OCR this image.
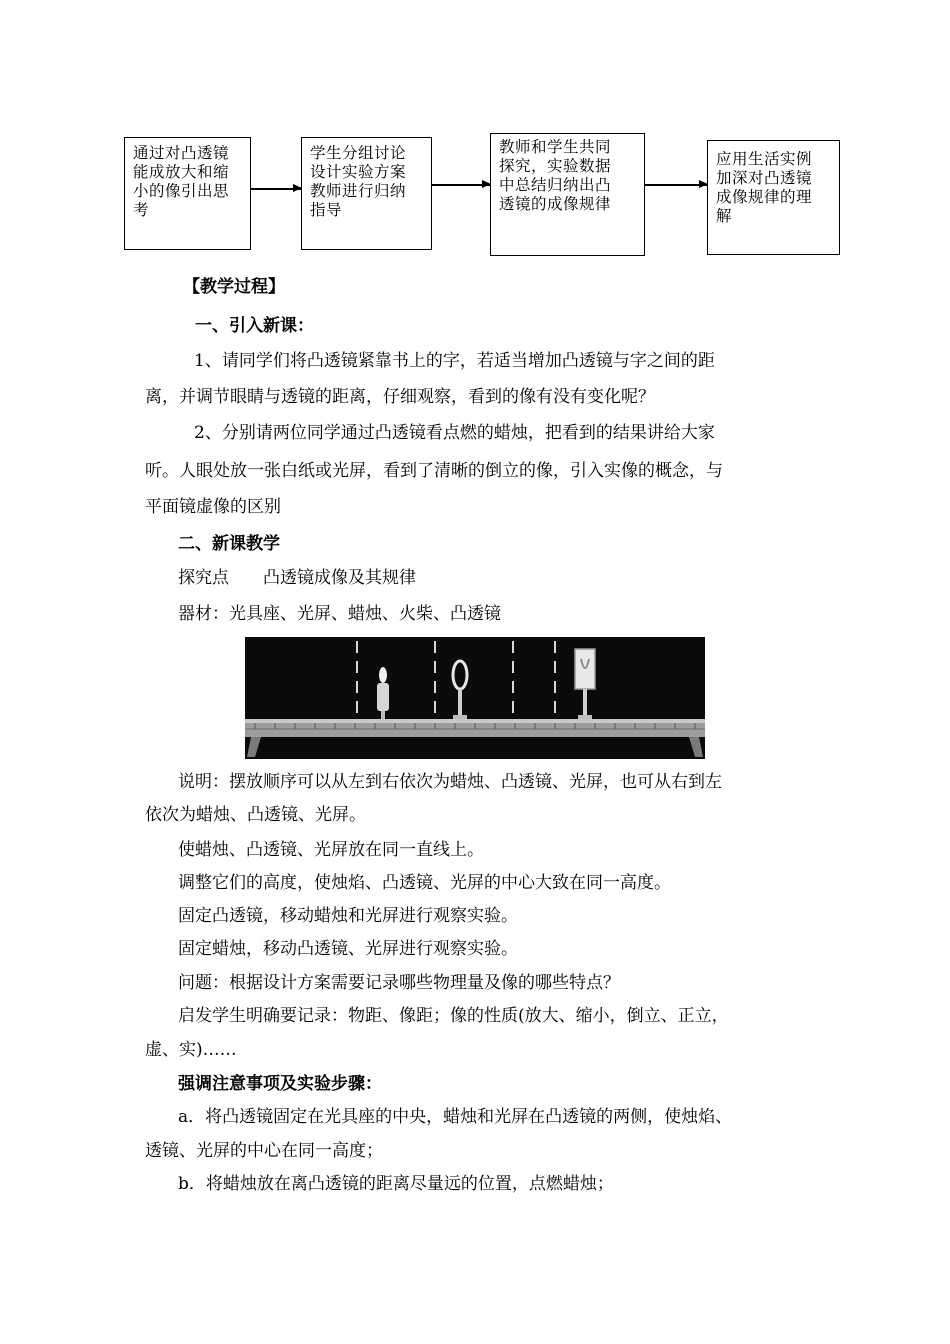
通过对凸透镜
能成放大和缩
小的像引出思
考
学生分组讨论
设计实验方案
教师进行归纳
指导
教师和学生共同
探究，实验数据
中总结归纳出凸
透镜的成像规律
应用生活实例
加深对凸透镜
成像规律的理
解
【教学过程】
一、引入新课：
1、请同学们将凸透镜紧靠书上的字，若适当增加凸透镜与字之间的距
离，并调节眼睛与透镜的距离，仔细观察，看到的像有没有变化呢？
2、分别请两位同学通过凸透镜看点燃的蜡烛，把看到的结果讲给大家
听。人眼处放一张白纸或光屏，看到了清晰的倒立的像，引入实像的概念，与
平面镜虚像的区别
二、新课教学
探究点　　凸透镜成像及其规律
器材：光具座、光屏、蜡烛、火柴、凸透镜
说明：摆放顺序可以从左到右依次为蜡烛、凸透镜、光屏，也可从右到左
依次为蜡烛、凸透镜、光屏。
使蜡烛、凸透镜、光屏放在同一直线上。
调整它们的高度，使烛焰、凸透镜、光屏的中心大致在同一高度。
固定凸透镜，移动蜡烛和光屏进行观察实验。
固定蜡烛，移动凸透镜、光屏进行观察实验。
问题：根据设计方案需要记录哪些物理量及像的哪些特点？
启发学生明确要记录：物距、像距；像的性质(放大、缩小，倒立、正立，
虚、实)……
强调注意事项及实验步骤：
a．将凸透镜固定在光具座的中央，蜡烛和光屏在凸透镜的两侧，使烛焰、
透镜、光屏的中心在同一高度；
b．将蜡烛放在离凸透镜的距离尽量远的位置，点燃蜡烛；
